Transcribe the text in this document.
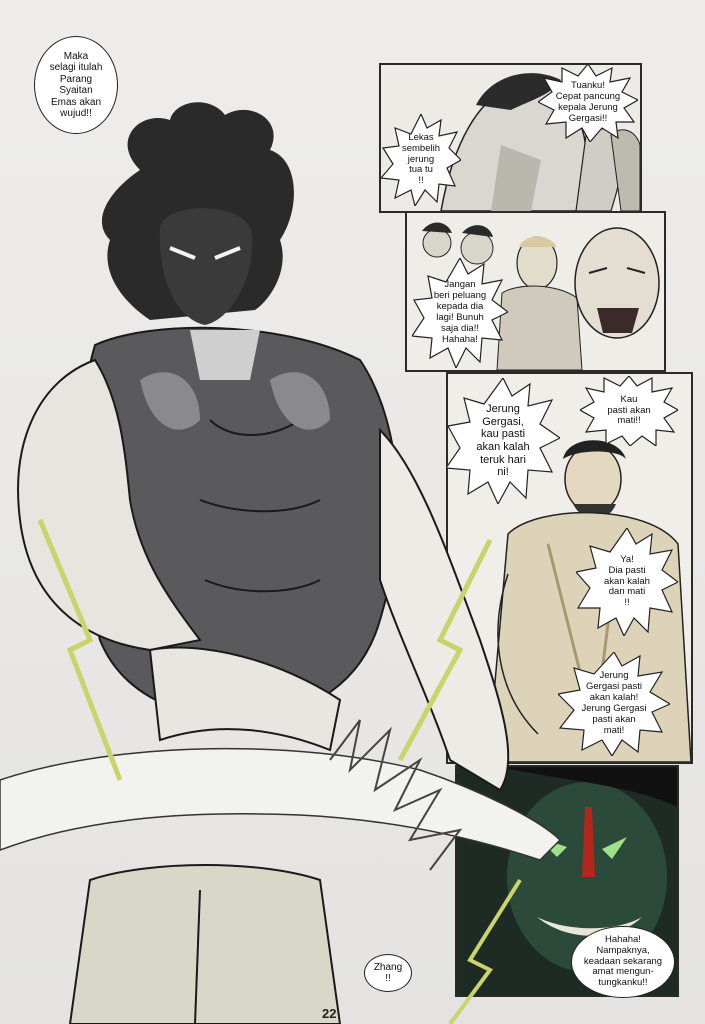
Maka
selagi itulah
Parang
Syaitan
Emas akan
wujud!!
Tuanku!
Cepat pancung
kepala Jerung
Gergasi!!
Lekas
sembelih
jerung
tua tu
!!
Jangan
beri peluang
kepada dia
lagi! Bunuh
saja dia!!
Hahaha!
Kau
pasti akan
mati!!
Jerung
Gergasi,
kau pasti
akan kalah
teruk hari
ni!
Ya!
Dia pasti
akan kalah
dan mati
!!
Jerung
Gergasi pasti
akan kalah!
Jerung Gergasi
pasti akan
mati!
Hahaha!
Nampaknya,
keadaan sekarang
amat mengun-
tungkanku!!
Zhang
!!
22
